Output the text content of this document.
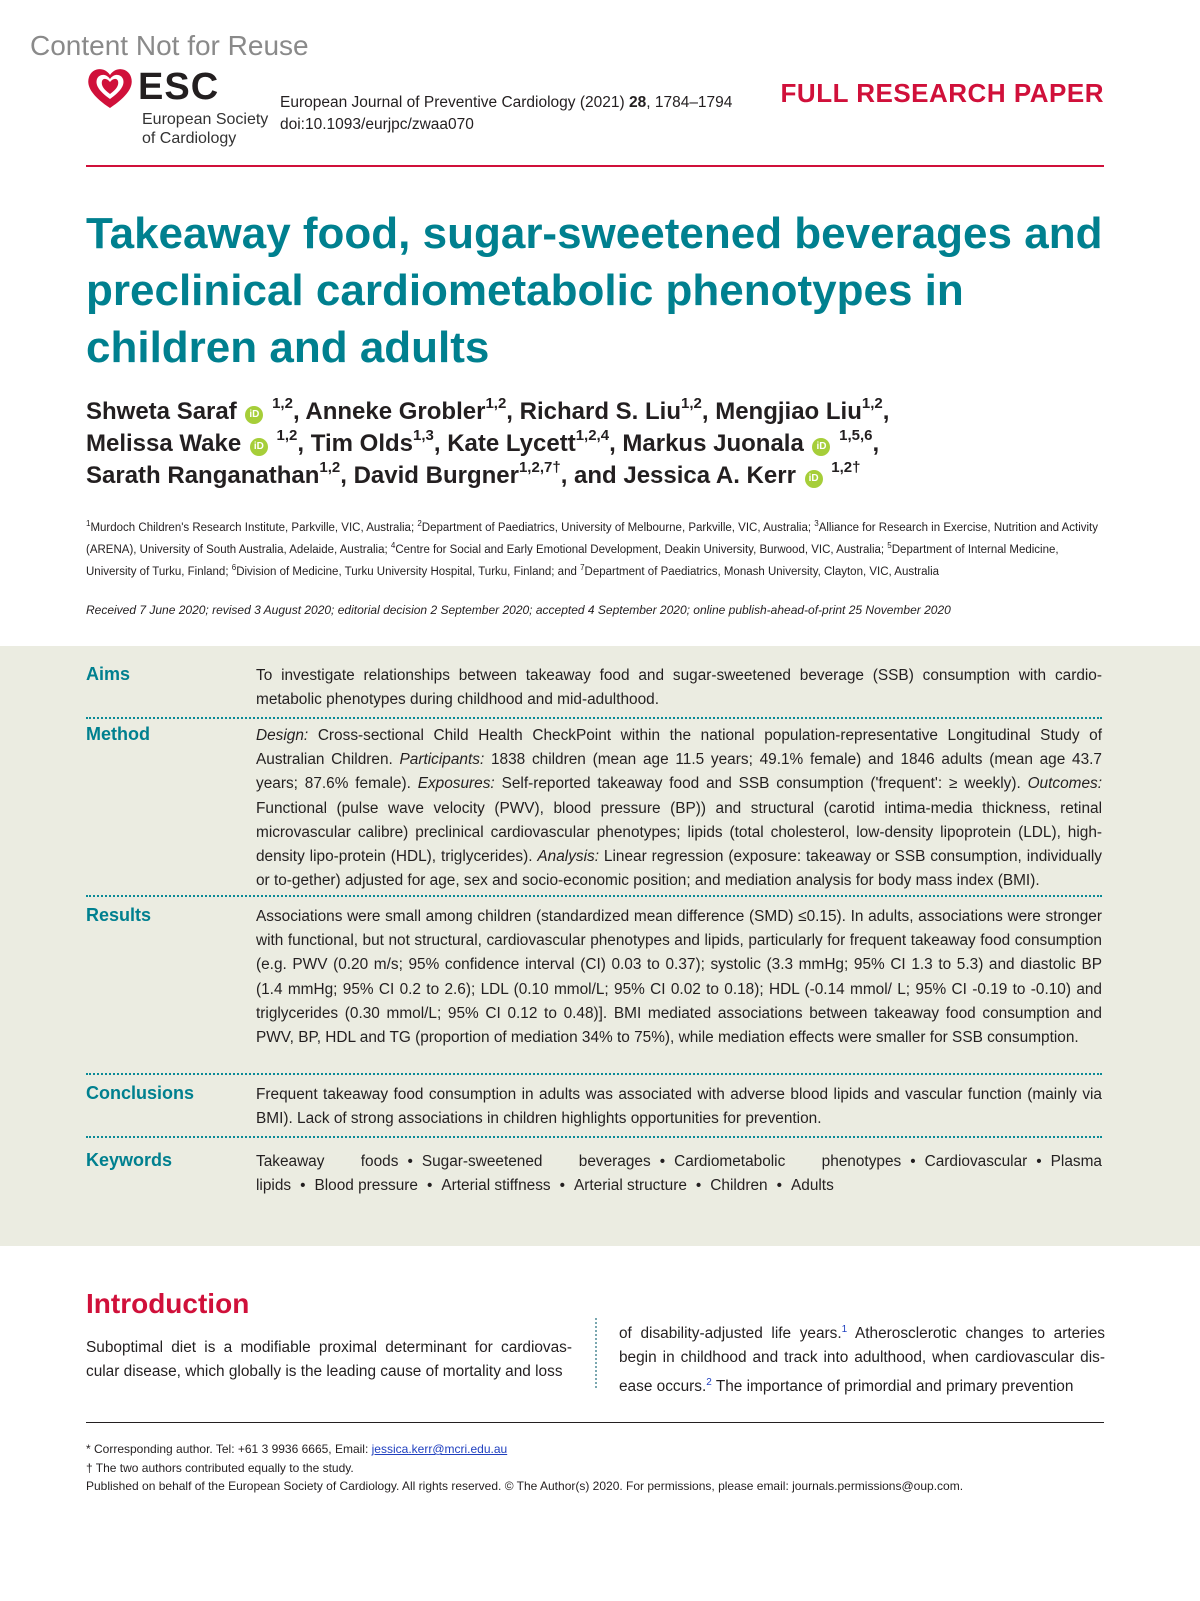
Content Not for Reuse
ESC
European Society
of Cardiology
European Journal of Preventive Cardiology (2021) 28, 1784–1794
doi:10.1093/eurjpc/zwaa070
FULL RESEARCH PAPER
Takeaway food, sugar-sweetened beverages and preclinical cardiometabolic phenotypes in children and adults
Shweta Saraf iD $^{1,2}$, Anneke Grobler$^{1,2}$, Richard S. Liu$^{1,2}$, Mengjiao Liu$^{1,2}$,
Melissa Wake iD $^{1,2}$, Tim Olds$^{1,3}$, Kate Lycett$^{1,2,4}$, Markus Juonala iD $^{1,5,6}$,
Sarath Ranganathan$^{1,2}$, David Burgner$^{1,2,7\dagger}$, and Jessica A. Kerr iD $^{1,2\dagger}$
$^1$Murdoch Children's Research Institute, Parkville, VIC, Australia; $^2$Department of Paediatrics, University of Melbourne, Parkville, VIC, Australia; $^3$Alliance for Research in Exercise, Nutrition and Activity (ARENA), University of South Australia, Adelaide, Australia; $^4$Centre for Social and Early Emotional Development, Deakin University, Burwood, VIC, Australia; $^5$Department of Internal Medicine, University of Turku, Finland; $^6$Division of Medicine, Turku University Hospital, Turku, Finland; and $^7$Department of Paediatrics, Monash University, Clayton, VIC, Australia
Received 7 June 2020; revised 3 August 2020; editorial decision 2 September 2020; accepted 4 September 2020; online publish-ahead-of-print 25 November 2020
Aims	To investigate relationships between takeaway food and sugar-sweetened beverage (SSB) consumption with cardio-metabolic phenotypes during childhood and mid-adulthood.
Method	Design: Cross-sectional Child Health CheckPoint within the national population-representative Longitudinal Study of Australian Children. Participants: 1838 children (mean age 11.5 years; 49.1% female) and 1846 adults (mean age 43.7 years; 87.6% female). Exposures: Self-reported takeaway food and SSB consumption ('frequent': ≥ weekly). Outcomes: Functional (pulse wave velocity (PWV), blood pressure (BP)) and structural (carotid intima-media thickness, retinal microvascular calibre) preclinical cardiovascular phenotypes; lipids (total cholesterol, low-density lipoprotein (LDL), high-density lipo-protein (HDL), triglycerides). Analysis: Linear regression (exposure: takeaway or SSB consumption, individually or to-gether) adjusted for age, sex and socio-economic position; and mediation analysis for body mass index (BMI).
Results	Associations were small among children (standardized mean difference (SMD) ≤0.15). In adults, associations were stronger with functional, but not structural, cardiovascular phenotypes and lipids, particularly for frequent takeaway food consumption (e.g. PWV (0.20 m/s; 95% confidence interval (CI) 0.03 to 0.37); systolic (3.3 mmHg; 95% CI 1.3 to 5.3) and diastolic BP (1.4 mmHg; 95% CI 0.2 to 2.6); LDL (0.10 mmol/L; 95% CI 0.02 to 0.18); HDL (-0.14 mmol/ L; 95% CI -0.19 to -0.10) and triglycerides (0.30 mmol/L; 95% CI 0.12 to 0.48)]. BMI mediated associations between takeaway food consumption and PWV, BP, HDL and TG (proportion of mediation 34% to 75%), while mediation effects were smaller for SSB consumption.
Conclusions	Frequent takeaway food consumption in adults was associated with adverse blood lipids and vascular function (mainly via BMI). Lack of strong associations in children highlights opportunities for prevention.
Keywords	Takeaway foods • Sugar-sweetened beverages • Cardiometabolic phenotypes • Cardiovascular • Plasma lipids • Blood pressure • Arterial stiffness • Arterial structure • Children • Adults
Introduction
Suboptimal diet is a modifiable proximal determinant for cardiovas-cular disease, which globally is the leading cause of mortality and loss
of disability-adjusted life years.$^1$ Atherosclerotic changes to arteries begin in childhood and track into adulthood, when cardiovascular dis-ease occurs.$^2$ The importance of primordial and primary prevention
* Corresponding author. Tel: +61 3 9936 6665, Email: jessica.kerr@mcri.edu.au
† The two authors contributed equally to the study.
Published on behalf of the European Society of Cardiology. All rights reserved. © The Author(s) 2020. For permissions, please email: journals.permissions@oup.com.
